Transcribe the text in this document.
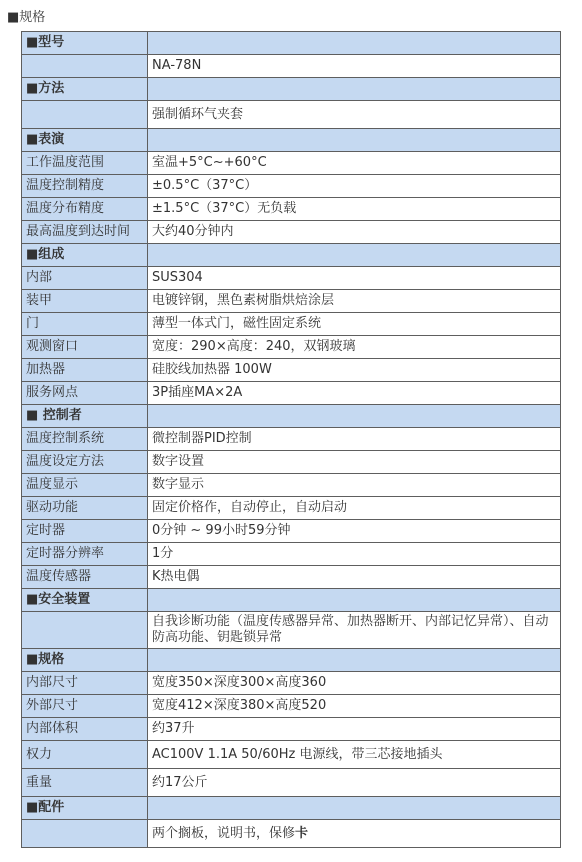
■规格
■型号	
	NA-78N
■方法	
	强制循环气夹套
■表演	
工作温度范围	室温+5°C~+60°C
温度控制精度	±0.5°C（37°C）
温度分布精度	±1.5°C（37°C）无负载
最高温度到达时间	大约40分钟内
■组成	
内部	SUS304
装甲	电镀锌钢，黑色素树脂烘焙涂层
门	薄型一体式门，磁性固定系统
观测窗口	宽度：290×高度：240，双钢玻璃
加热器	硅胶线加热器 100W
服务网点	3P插座MA×2A
■ 控制者	
温度控制系统	微控制器PID控制
温度设定方法	数字设置
温度显示	数字显示
驱动功能	固定价格作，自动停止，自动启动
定时器	0分钟 ~ 99小时59分钟
定时器分辨率	1分
温度传感器	K热电偶
■安全装置	
	自我诊断功能（温度传感器异常、加热器断开、内部记忆异常）、自动防高功能、钥匙锁异常
■规格	
内部尺寸	宽度350×深度300×高度360
外部尺寸	宽度412×深度380×高度520
内部体积	约37升
权力	AC100V 1.1A 50/60Hz 电源线，带三芯接地插头
重量	约17公斤
■配件	
	两个搁板，说明书，保修卡
